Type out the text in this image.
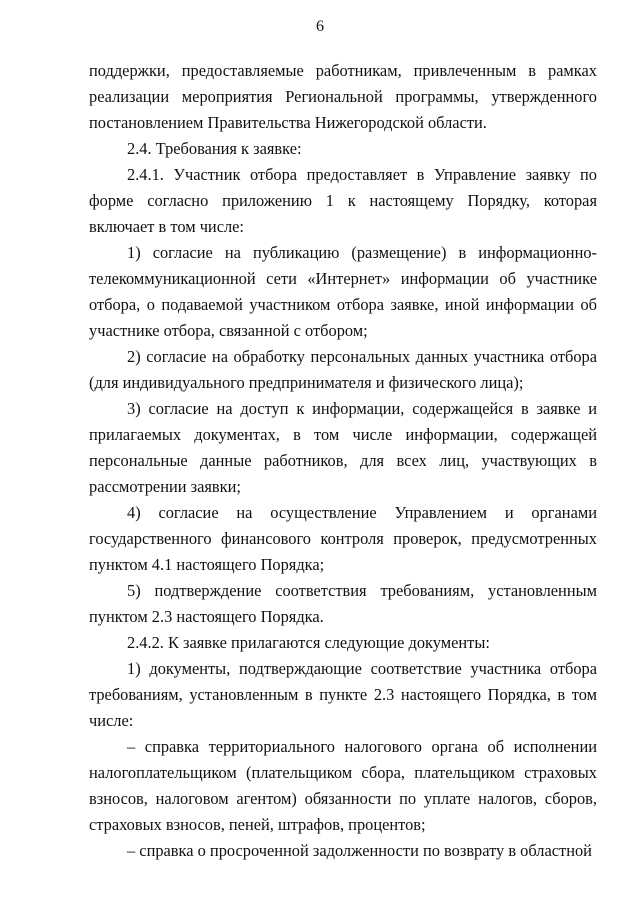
6

поддержки, предоставляемые работникам, привлеченным в рамках реализации мероприятия Региональной программы, утвержденного постановлением Правительства Нижегородской области.

2.4. Требования к заявке:

2.4.1. Участник отбора предоставляет в Управление заявку по форме согласно приложению 1 к настоящему Порядку, которая включает в том числе:

1) согласие на публикацию (размещение) в информационно-телекоммуникационной сети «Интернет» информации об участнике отбора, о подаваемой участником отбора заявке, иной информации об участнике отбора, связанной с отбором;

2) согласие на обработку персональных данных участника отбора (для индивидуального предпринимателя и физического лица);

3) согласие на доступ к информации, содержащейся в заявке и прилагаемых документах, в том числе информации, содержащей персональные данные работников, для всех лиц, участвующих в рассмотрении заявки;

4) согласие на осуществление Управлением и органами государственного финансового контроля проверок, предусмотренных пунктом 4.1 настоящего Порядка;

5) подтверждение соответствия требованиям, установленным пунктом 2.3 настоящего Порядка.

2.4.2. К заявке прилагаются следующие документы:

1) документы, подтверждающие соответствие участника отбора требованиям, установленным в пункте 2.3 настоящего Порядка, в том числе:

– справка территориального налогового органа об исполнении налогоплательщиком (плательщиком сбора, плательщиком страховых взносов, налоговом агентом) обязанности по уплате налогов, сборов, страховых взносов, пеней, штрафов, процентов;

– справка о просроченной задолженности по возврату в областной
